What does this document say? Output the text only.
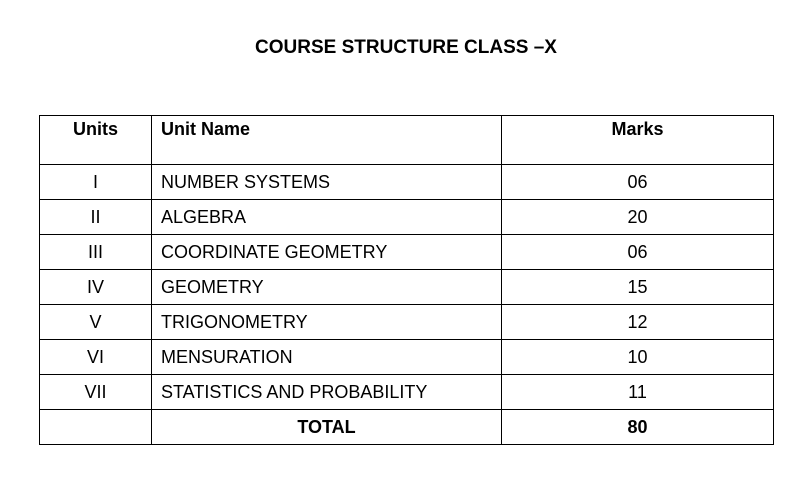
COURSE STRUCTURE CLASS –X
Units	Unit Name	Marks
I	NUMBER SYSTEMS	06
II	ALGEBRA	20
III	COORDINATE GEOMETRY	06
IV	GEOMETRY	15
V	TRIGONOMETRY	12
VI	MENSURATION	10
VII	STATISTICS AND PROBABILITY	11
	TOTAL	80
